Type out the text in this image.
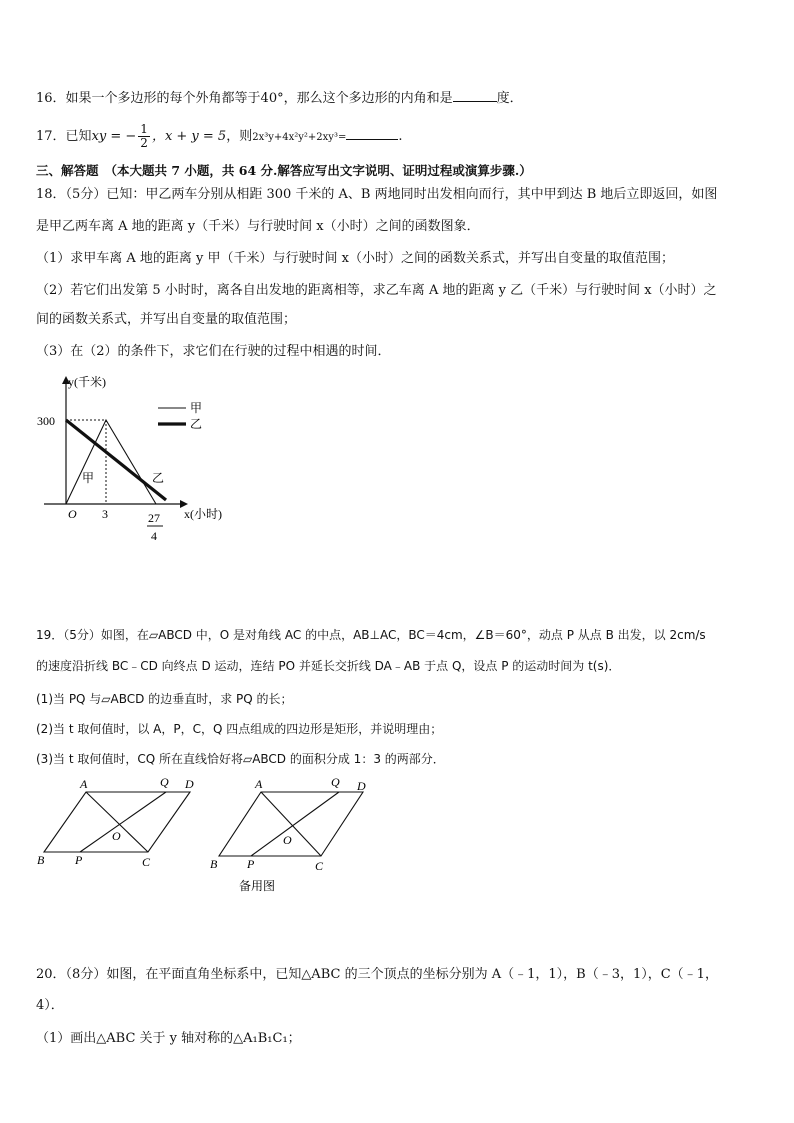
16．如果一个多边形的每个外角都等于40°，那么这个多边形的内角和是	度．
17．已知xy = − $\frac{1}{2}$ ，x + y = 5，则2x³y+4x²y²+2xy³=	.
三、解答题 （本大题共 7 小题，共 64 分.解答应写出文字说明、证明过程或演算步骤.）
18．（5分）已知：甲乙两车分别从相距 300 千米的 A、B 两地同时出发相向而行，其中甲到达 B 地后立即返回，如图
是甲乙两车离 A 地的距离 y（千米）与行驶时间 x（小时）之间的函数图象．
（1）求甲车离 A 地的距离 y 甲（千米）与行驶时间 x（小时）之间的函数关系式，并写出自变量的取值范围；
（2）若它们出发第 5 小时时，离各自出发地的距离相等，求乙车离 A 地的距离 y 乙（千米）与行驶时间 x（小时）之
间的函数关系式，并写出自变量的取值范围；
（3）在（2）的条件下，求它们在行驶的过程中相遇的时间．
y(千米)
300
O 3	27
4
x(小时)
甲	乙
甲
乙
19．（5分）如图，在▱ABCD 中，O 是对角线 AC 的中点，AB⊥AC，BC＝4cm，∠B＝60°，动点 P 从点 B 出发，以 2cm/s
的速度沿折线 BC﹣CD 向终点 D 运动，连结 PO 并延长交折线 DA﹣AB 于点 Q，设点 P 的运动时间为 t(s)．
(1)当 PQ 与▱ABCD 的边垂直时，求 PQ 的长；
(2)当 t 取何值时，以 A，P，C，Q 四点组成的四边形是矩形，并说明理由；
(3)当 t 取何值时，CQ 所在直线恰好将▱ABCD 的面积分成 1：3 的两部分．
A	Q D
O
B	P	C
A	Q D
O
B P	C
备用图
20．（8分）如图，在平面直角坐标系中，已知△ABC 的三个顶点的坐标分别为 A（﹣1，1），B（﹣3，1），C（﹣1，
4）．
（1）画出△ABC 关于 y 轴对称的△A₁B₁C₁；
